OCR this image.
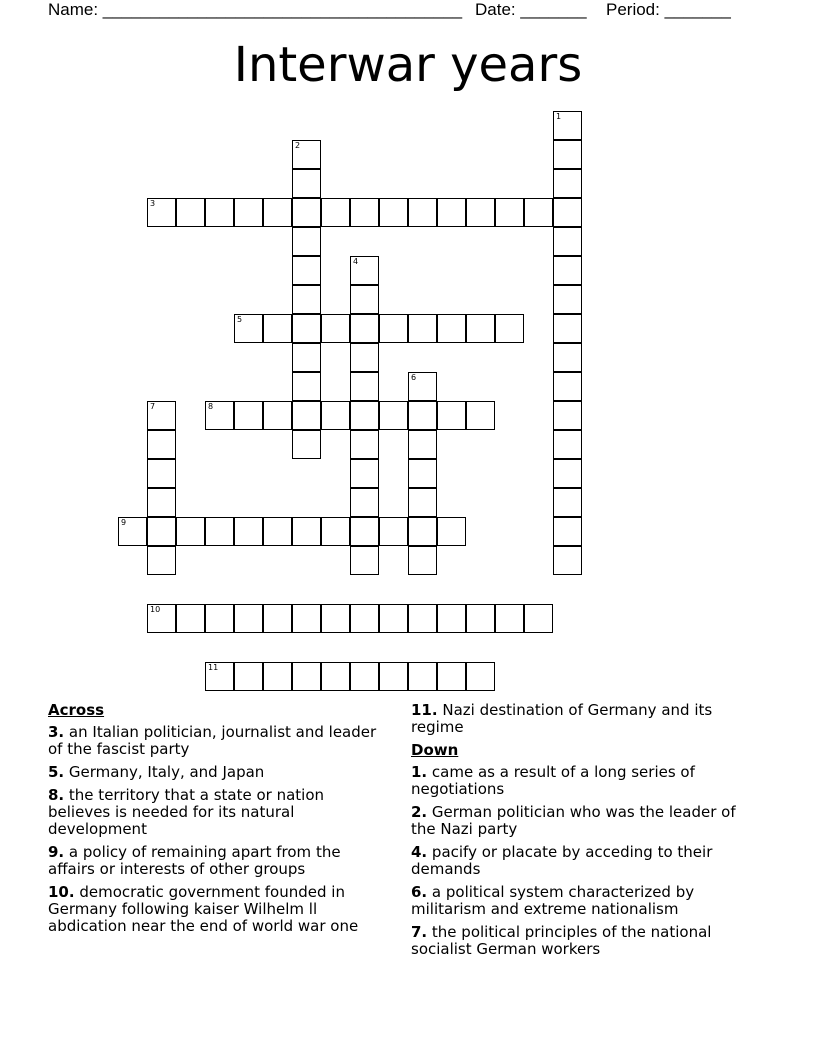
Name: ______________________________________ Date: _______ Period: _______
Interwar years
1
2
3
4
5
6
7	8
9
10
11
Across
3. an Italian politician, journalist and leader of the fascist party
5. Germany, Italy, and Japan
8. the territory that a state or nation believes is needed for its natural development
9. a policy of remaining apart from the affairs or interests of other groups
10. democratic government founded in Germany following kaiser Wilhelm ll abdication near the end of world war one
11. Nazi destination of Germany and its regime
Down
1. came as a result of a long series of negotiations
2. German politician who was the leader of the Nazi party
4. pacify or placate by acceding to their demands
6. a political system characterized by militarism and extreme nationalism
7. the political principles of the national socialist German workers
